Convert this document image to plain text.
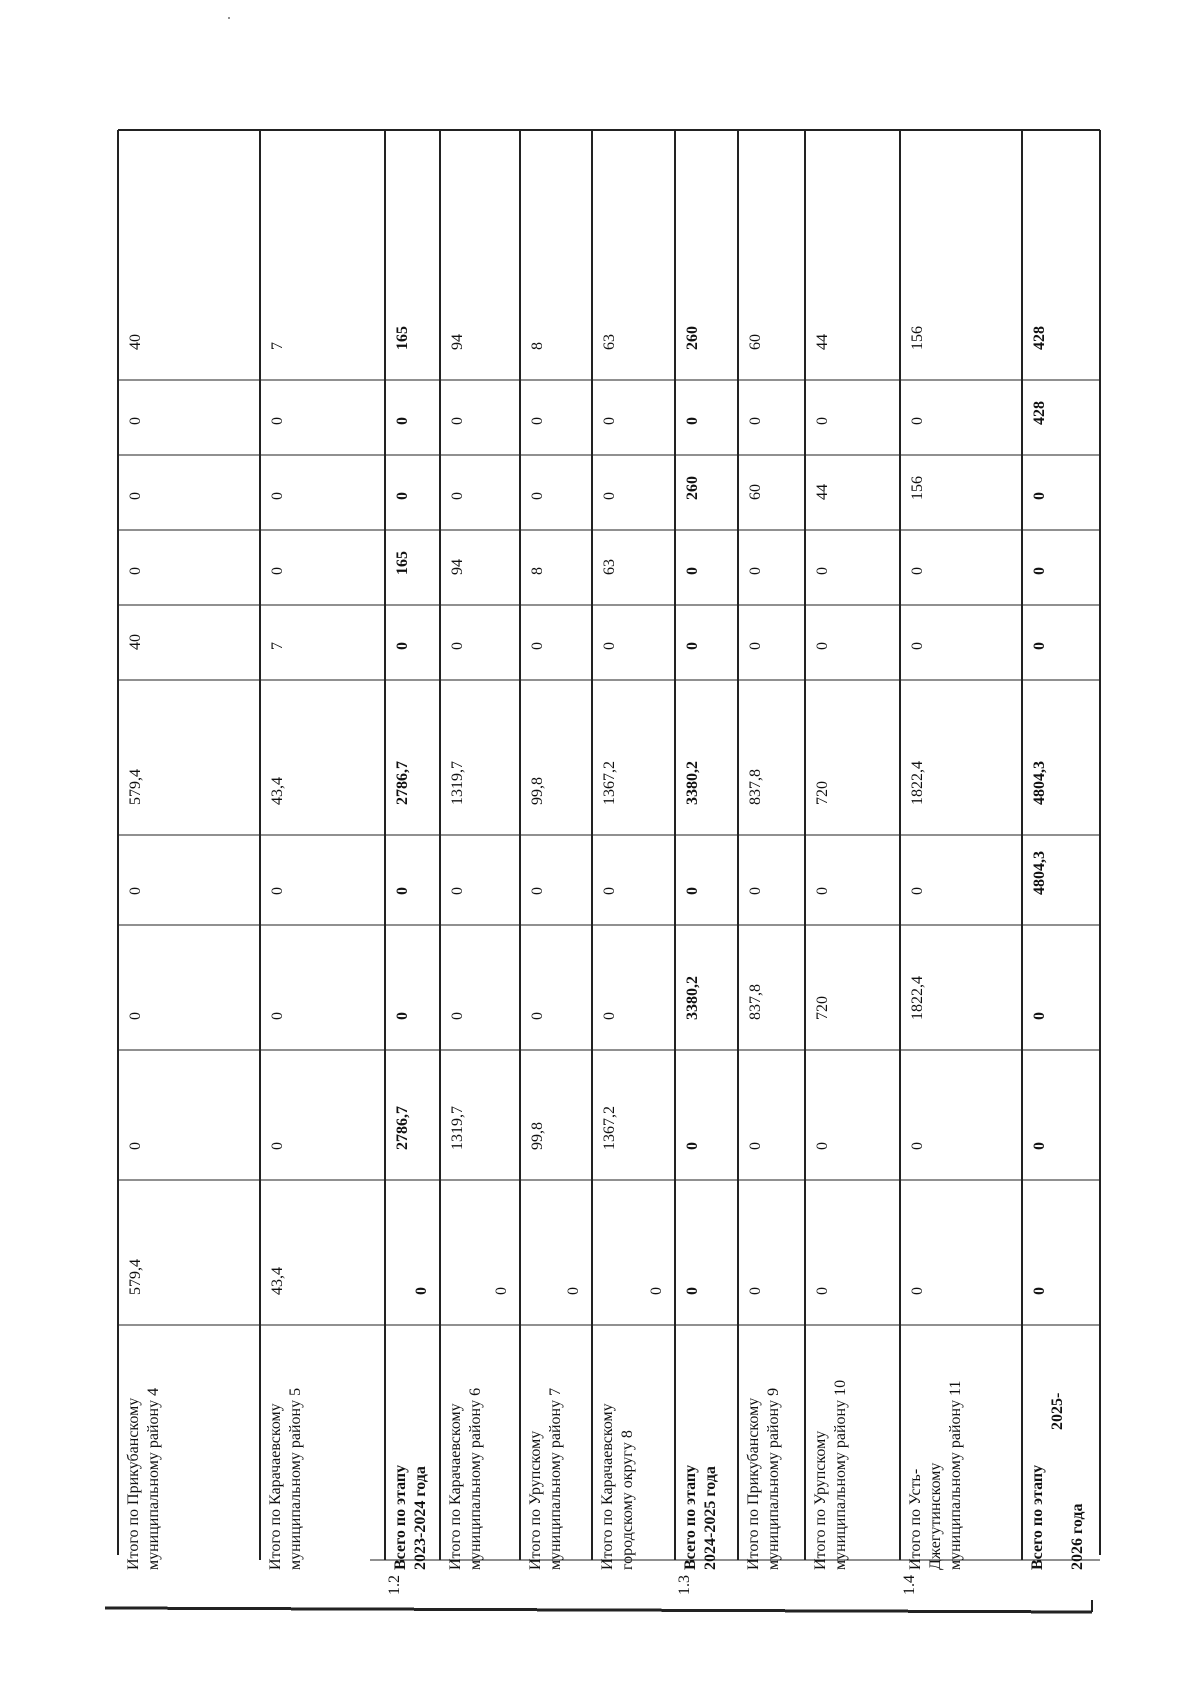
Итого по Прикубанскому муниципальному району 4
579,4
0
0
0
579,4
40
0
0
0
40
Итого по Карачаевскому муниципальному району 5
43,4
0
0
0
43,4
7
0
0
0
7
1.2
Всего по этапу 2023-2024 года
0
2786,7
0
0
2786,7
0
165
0
0
165
Итого по Карачаевскому муниципальному району 6
0
1319,7
0
0
1319,7
0
94
0
0
94
Итого по Урупскому муниципальному району 7
0
99,8
0
0
99,8
0
8
0
0
8
Итого по Карачаевскому городскому округу 8
0
1367,2
0
0
1367,2
0
63
0
0
63
1.3
Всего по этапу 2024-2025 года
0
0
3380,2
0
3380,2
0
0
260
0
260
Итого по Прикубанскому муниципальному району 9
0
0
837,8
0
837,8
0
0
60
0
60
Итого по Урупскому муниципальному району 10
0
0
720
0
720
0
0
44
0
44
1.4
Итого по Усть- Джегутинскому муниципальному району 11
0
0
1822,4
0
1822,4
0
0
156
0
156
Всего по этапу
2025-
2026 года
0
0
0
4804,3
4804,3
0
0
0
428
428
